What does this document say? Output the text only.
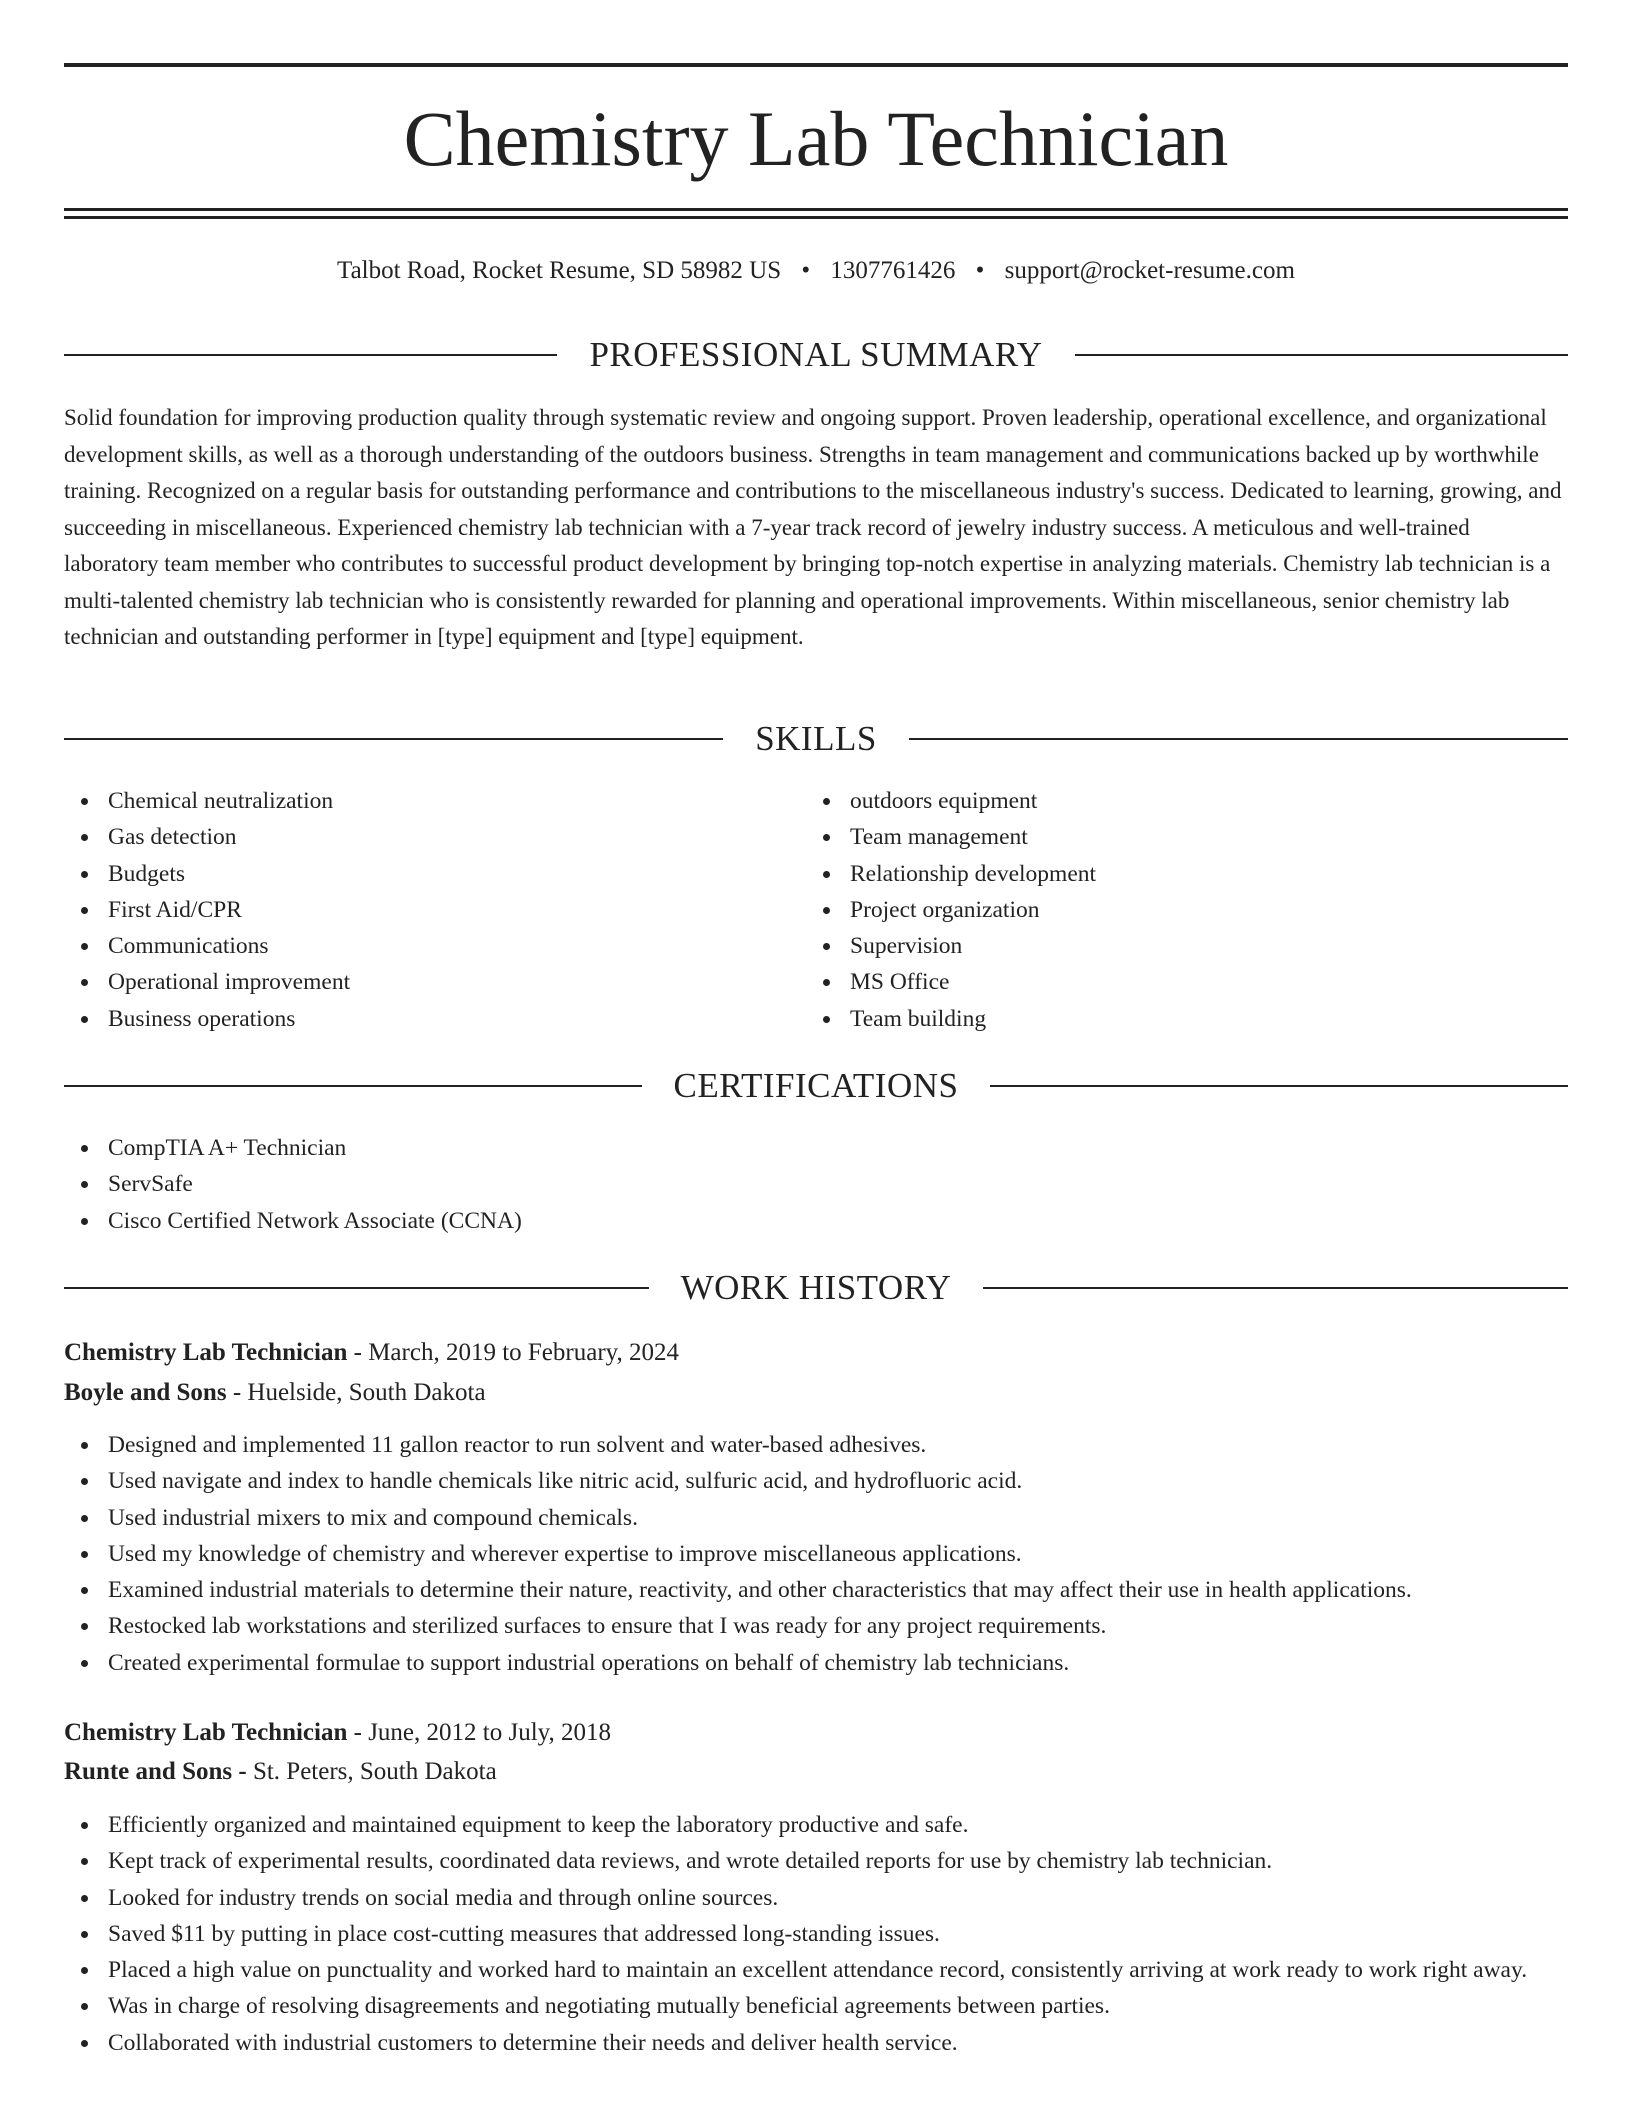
Chemistry Lab Technician
Talbot Road, Rocket Resume, SD 58982 US • 1307761426 • support@rocket-resume.com
PROFESSIONAL SUMMARY

Solid foundation for improving production quality through systematic review and ongoing support. Proven leadership, operational excellence, and organizational development skills, as well as a thorough understanding of the outdoors business. Strengths in team management and communications backed up by worthwhile training. Recognized on a regular basis for outstanding performance and contributions to the miscellaneous industry's success. Dedicated to learning, growing, and succeeding in miscellaneous. Experienced chemistry lab technician with a 7-year track record of jewelry industry success. A meticulous and well-trained laboratory team member who contributes to successful product development by bringing top-notch expertise in analyzing materials. Chemistry lab technician is a multi-talented chemistry lab technician who is consistently rewarded for planning and operational improvements. Within miscellaneous, senior chemistry lab technician and outstanding performer in [type] equipment and [type] equipment.

SKILLS
Chemical neutralization
Gas detection
Budgets
First Aid/CPR
Communications
Operational improvement
Business operations
outdoors equipment
Team management
Relationship development
Project organization
Supervision
MS Office
Team building
CERTIFICATIONS
CompTIA A+ Technician
ServSafe
Cisco Certified Network Associate (CCNA)
WORK HISTORY
Chemistry Lab Technician - March, 2019 to February, 2024
Boyle and Sons - Huelside, South Dakota
Designed and implemented 11 gallon reactor to run solvent and water-based adhesives.
Used navigate and index to handle chemicals like nitric acid, sulfuric acid, and hydrofluoric acid.
Used industrial mixers to mix and compound chemicals.
Used my knowledge of chemistry and wherever expertise to improve miscellaneous applications.
Examined industrial materials to determine their nature, reactivity, and other characteristics that may affect their use in health applications.
Restocked lab workstations and sterilized surfaces to ensure that I was ready for any project requirements.
Created experimental formulae to support industrial operations on behalf of chemistry lab technicians.
Chemistry Lab Technician - June, 2012 to July, 2018
Runte and Sons - St. Peters, South Dakota
Efficiently organized and maintained equipment to keep the laboratory productive and safe.
Kept track of experimental results, coordinated data reviews, and wrote detailed reports for use by chemistry lab technician.
Looked for industry trends on social media and through online sources.
Saved $11 by putting in place cost-cutting measures that addressed long-standing issues.
Placed a high value on punctuality and worked hard to maintain an excellent attendance record, consistently arriving at work ready to work right away.
Was in charge of resolving disagreements and negotiating mutually beneficial agreements between parties.
Collaborated with industrial customers to determine their needs and deliver health service.
